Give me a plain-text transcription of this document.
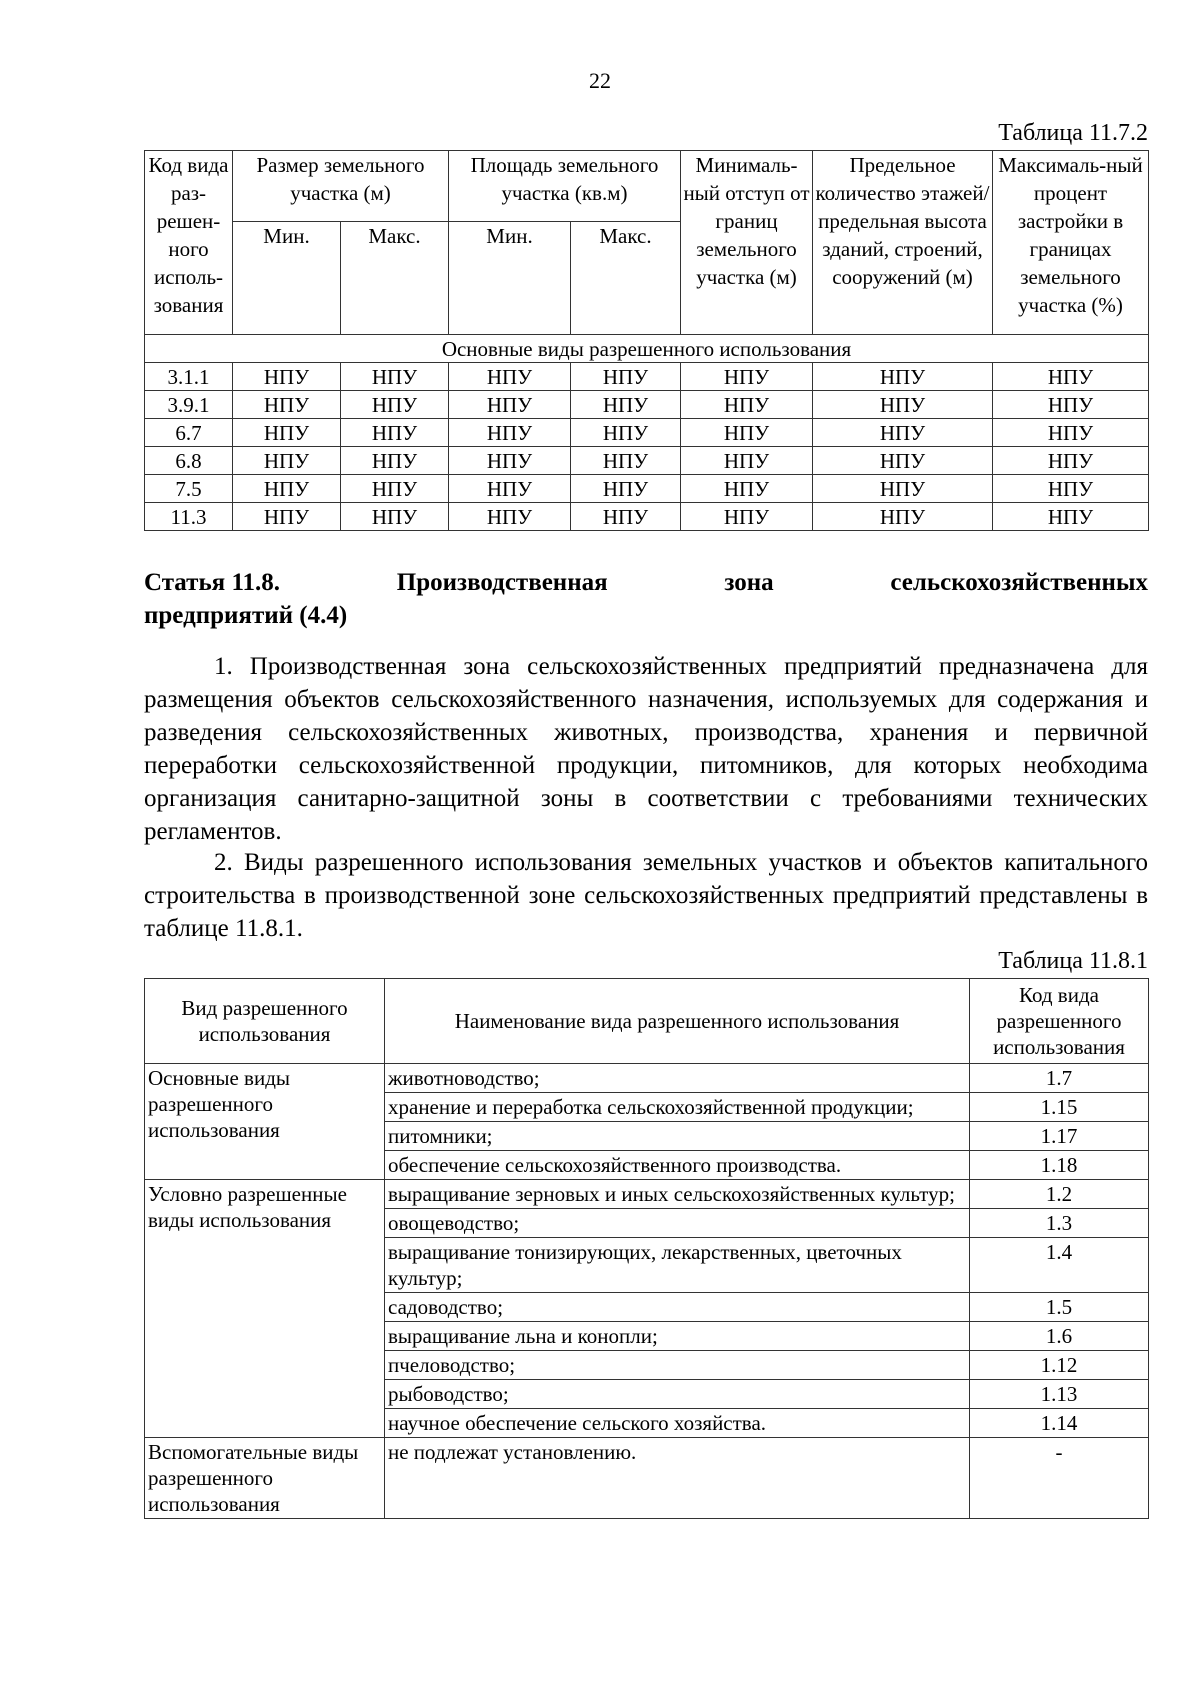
22
Таблица 11.7.2
Код вида раз-решен-ного исполь-зования	Размер земельного участка (м)		Площадь земельного участка (кв.м)		Минималь-ный отступ от границ земельного участка (м)	Предельное количество этажей/ предельная высота зданий, строений, сооружений (м)	Максималь-ный процент застройки в границах земельного участка (%)
	Мин.	Макс.	Мин.	Макс.			
Основные виды разрешенного использования							
3.1.1	НПУ	НПУ	НПУ	НПУ	НПУ	НПУ	НПУ
3.9.1	НПУ	НПУ	НПУ	НПУ	НПУ	НПУ	НПУ
6.7	НПУ	НПУ	НПУ	НПУ	НПУ	НПУ	НПУ
6.8	НПУ	НПУ	НПУ	НПУ	НПУ	НПУ	НПУ
7.5	НПУ	НПУ	НПУ	НПУ	НПУ	НПУ	НПУ
11.3	НПУ	НПУ	НПУ	НПУ	НПУ	НПУ	НПУ
Статья 11.8.	Производственная	зона	сельскохозяйственных
предприятий (4.4)
1. Производственная зона сельскохозяйственных предприятий предназначена для размещения объектов сельскохозяйственного назначения, используемых для содержания и разведения сельскохозяйственных животных, производства, хранения и первичной переработки сельскохозяйственной продукции, питомников, для которых необходима организация санитарно-защитной зоны в соответствии с требованиями технических регламентов.
2. Виды разрешенного использования земельных участков и объектов капитального строительства в производственной зоне сельскохозяйственных предприятий представлены в таблице 11.8.1.
Таблица 11.8.1
Вид разрешенного использования	Наименование вида разрешенного использования	Код вида разрешенного использования
Основные виды разрешенного использования	животноводство;	1.7
	хранение и переработка сельскохозяйственной продукции;	1.15
	питомники;	1.17
	обеспечение сельскохозяйственного производства.	1.18
Условно разрешенные виды использования	выращивание зерновых и иных сельскохозяйственных культур;	1.2
	овощеводство;	1.3
	выращивание тонизирующих, лекарственных, цветочных культур;	1.4
	садоводство;	1.5
	выращивание льна и конопли;	1.6
	пчеловодство;	1.12
	рыбоводство;	1.13
	научное обеспечение сельского хозяйства.	1.14
Вспомогательные виды разрешенного использования	не подлежат установлению.	-
